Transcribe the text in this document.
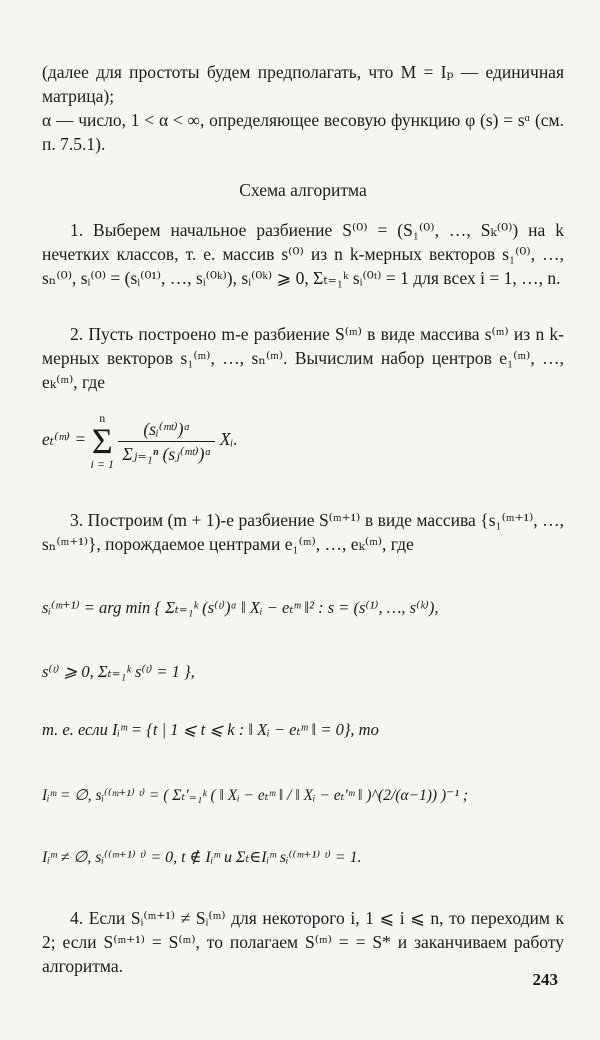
(далее для простоты будем предполагать, что M = Iₚ — единичная матрица);

α — число, 1 < α < ∞, определяющее весовую функцию φ (s) = sᵅ (см. п. 7.5.1).

Схема алгоритма

1. Выберем начальное разбиение S⁽⁰⁾ = (S₁⁽⁰⁾, …, Sₖ⁽⁰⁾) на k нечетких классов, т. е. массив s⁽⁰⁾ из n k-мерных векторов s₁⁽⁰⁾, …, sₙ⁽⁰⁾, sᵢ⁽⁰⁾ = (sᵢ⁽⁰¹⁾, …, sᵢ⁽⁰ᵏ⁾), sᵢ⁽⁰ᵏ⁾ ⩾ 0, Σₜ₌₁ᵏ sᵢ⁽⁰ᵗ⁾ = 1 для всех i = 1, …, n.

2. Пусть построено m-е разбиение S⁽ᵐ⁾ в виде массива s⁽ᵐ⁾ из n k-мерных векторов s₁⁽ᵐ⁾, …, sₙ⁽ᵐ⁾. Вычислим набор центров e₁⁽ᵐ⁾, …, eₖ⁽ᵐ⁾, где

eₜ⁽ᵐ⁾ =
n
Σ
i = 1
$\frac{\text{(sᵢ⁽ᵐᵗ⁾)ᵅ}}{\text{Σⱼ₌₁ⁿ (sⱼ⁽ᵐᵗ⁾)ᵅ}}$ Xᵢ.

3. Построим (m + 1)-е разбиение S⁽ᵐ⁺¹⁾ в виде массива {s₁⁽ᵐ⁺¹⁾, …, sₙ⁽ᵐ⁺¹⁾}, порождаемое центрами e₁⁽ᵐ⁾, …, eₖ⁽ᵐ⁾, где

sᵢ⁽ᵐ⁺¹⁾ = arg min { Σₜ₌₁ᵏ (s⁽ᵗ⁾)ᵅ ‖ Xᵢ − eₜᵐ ‖² : s = (s⁽¹⁾, …, s⁽ᵏ⁾),

s⁽ᵗ⁾ ⩾ 0, Σₜ₌₁ᵏ s⁽ᵗ⁾ = 1 },

т. е. если Iᵢᵐ = {t | 1 ⩽ t ⩽ k : ‖ Xᵢ − eₜᵐ ‖ = 0}, то

Iᵢᵐ = ∅, sᵢ⁽⁽ᵐ⁺¹⁾ ᵗ⁾ = ( Σₜ′₌₁ᵏ ( ‖ Xᵢ − eₜᵐ ‖ / ‖ Xᵢ − eₜ′ᵐ ‖ )^(2/(α−1)) )⁻¹ ;

Iᵢᵐ ≠ ∅, sᵢ⁽⁽ᵐ⁺¹⁾ ᵗ⁾ = 0, t ∉ Iᵢᵐ и Σₜ∈Iᵢᵐ sᵢ⁽⁽ᵐ⁺¹⁾ ᵗ⁾ = 1.

4. Если Sᵢ⁽ᵐ⁺¹⁾ ≠ Sᵢ⁽ᵐ⁾ для некоторого i, 1 ⩽ i ⩽ n, то переходим к 2; если S⁽ᵐ⁺¹⁾ = S⁽ᵐ⁾, то полагаем S⁽ᵐ⁾ = = S* и заканчиваем работу алгоритма.

243
